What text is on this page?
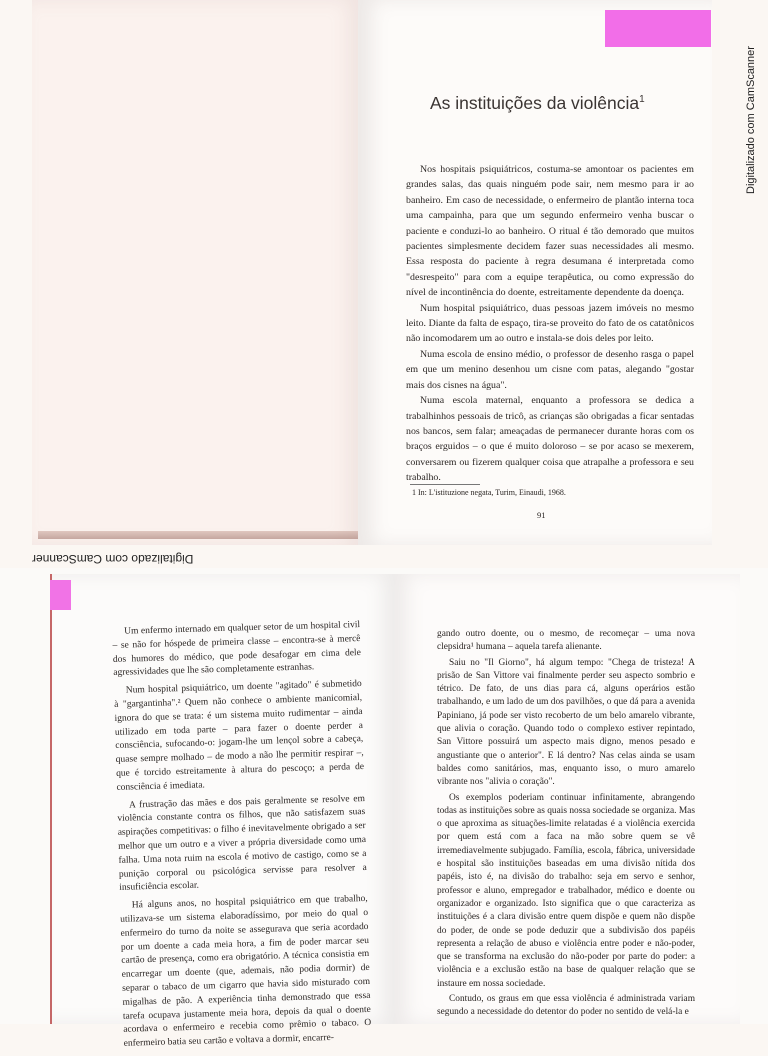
As instituições da violência$^1$

Nos hospitais psiquiátricos, costuma-se amontoar os pacientes em grandes salas, das quais ninguém pode sair, nem mesmo para ir ao banheiro. Em caso de necessidade, o enfermeiro de plantão interna toca uma campainha, para que um segundo enfermeiro venha buscar o paciente e conduzi-lo ao banheiro. O ritual é tão demorado que muitos pacientes simplesmente decidem fazer suas necessidades ali mesmo. Essa resposta do paciente à regra desumana é interpretada como "desrespeito" para com a equipe terapêutica, ou como expressão do nível de incontinência do doente, estreitamente dependente da doença.

Num hospital psiquiátrico, duas pessoas jazem imóveis no mesmo leito. Diante da falta de espaço, tira-se proveito do fato de os catatônicos não incomodarem um ao outro e instala-se dois deles por leito.

Numa escola de ensino médio, o professor de desenho rasga o papel em que um menino desenhou um cisne com patas, alegando "gostar mais dos cisnes na água".

Numa escola maternal, enquanto a professora se dedica a trabalhinhos pessoais de tricô, as crianças são obrigadas a ficar sentadas nos bancos, sem falar; ameaçadas de permanecer durante horas com os braços erguidos – o que é muito doloroso – se por acaso se mexerem, conversarem ou fizerem qualquer coisa que atrapalhe a professora e seu trabalho.

1 In: L'istituzione negata, Turim, Einaudi, 1968.
91
Digitalizado com CamScanner
Digitalizado com CamScanner

Um enfermo internado em qualquer setor de um hospital civil – se não for hóspede de primeira classe – encontra-se à mercê dos humores do médico, que pode desafogar em cima dele agressividades que lhe são completamente estranhas.

Num hospital psiquiátrico, um doente "agitado" é submetido à "gargantinha".² Quem não conhece o ambiente manicomial, ignora do que se trata: é um sistema muito rudimentar – ainda utilizado em toda parte – para fazer o doente perder a consciência, sufocando-o: jogam-lhe um lençol sobre a cabeça, quase sempre molhado – de modo a não lhe permitir respirar –, que é torcido estreitamente à altura do pescoço; a perda de consciência é imediata.

A frustração das mães e dos pais geralmente se resolve em violência constante contra os filhos, que não satisfazem suas aspirações competitivas: o filho é inevitavelmente obrigado a ser melhor que um outro e a viver a própria diversidade como uma falha. Uma nota ruim na escola é motivo de castigo, como se a punição corporal ou psicológica servisse para resolver a insuficiência escolar.

Há alguns anos, no hospital psiquiátrico em que trabalho, utilizava-se um sistema elaboradíssimo, por meio do qual o enfermeiro do turno da noite se assegurava que seria acordado por um doente a cada meia hora, a fim de poder marcar seu cartão de presença, como era obrigatório. A técnica consistia em encarregar um doente (que, ademais, não podia dormir) de separar o tabaco de um cigarro que havia sido misturado com migalhas de pão. A experiência tinha demonstrado que essa tarefa ocupava justamente meia hora, depois da qual o doente acordava o enfermeiro e recebia como prêmio o tabaco. O enfermeiro batia seu cartão e voltava a dormir, encarre-

gando outro doente, ou o mesmo, de recomeçar – uma nova clepsidra¹ humana – aquela tarefa alienante.

Saiu no "Il Giorno", há algum tempo: "Chega de tristeza! A prisão de San Vittore vai finalmente perder seu aspecto sombrio e tétrico. De fato, de uns dias para cá, alguns operários estão trabalhando, e um lado de um dos pavilhões, o que dá para a avenida Papiniano, já pode ser visto recoberto de um belo amarelo vibrante, que alivia o coração. Quando todo o complexo estiver repintado, San Vittore possuirá um aspecto mais digno, menos pesado e angustiante que o anterior". E lá dentro? Nas celas ainda se usam baldes como sanitários, mas, enquanto isso, o muro amarelo vibrante nos "alivia o coração".

Os exemplos poderiam continuar infinitamente, abrangendo todas as instituições sobre as quais nossa sociedade se organiza. Mas o que aproxima as situações-limite relatadas é a violência exercida por quem está com a faca na mão sobre quem se vê irremediavelmente subjugado. Família, escola, fábrica, universidade e hospital são instituições baseadas em uma divisão nítida dos papéis, isto é, na divisão do trabalho: seja em servo e senhor, professor e aluno, empregador e trabalhador, médico e doente ou organizador e organizado. Isto significa que o que caracteriza as instituições é a clara divisão entre quem dispõe e quem não dispõe do poder, de onde se pode deduzir que a subdivisão dos papéis representa a relação de abuso e violência entre poder e não-poder, que se transforma na exclusão do não-poder por parte do poder: a violência e a exclusão estão na base de qualquer relação que se instaure em nossa sociedade.

Contudo, os graus em que essa violência é administrada variam segundo a necessidade do detentor do poder no sentido de velá-la e
